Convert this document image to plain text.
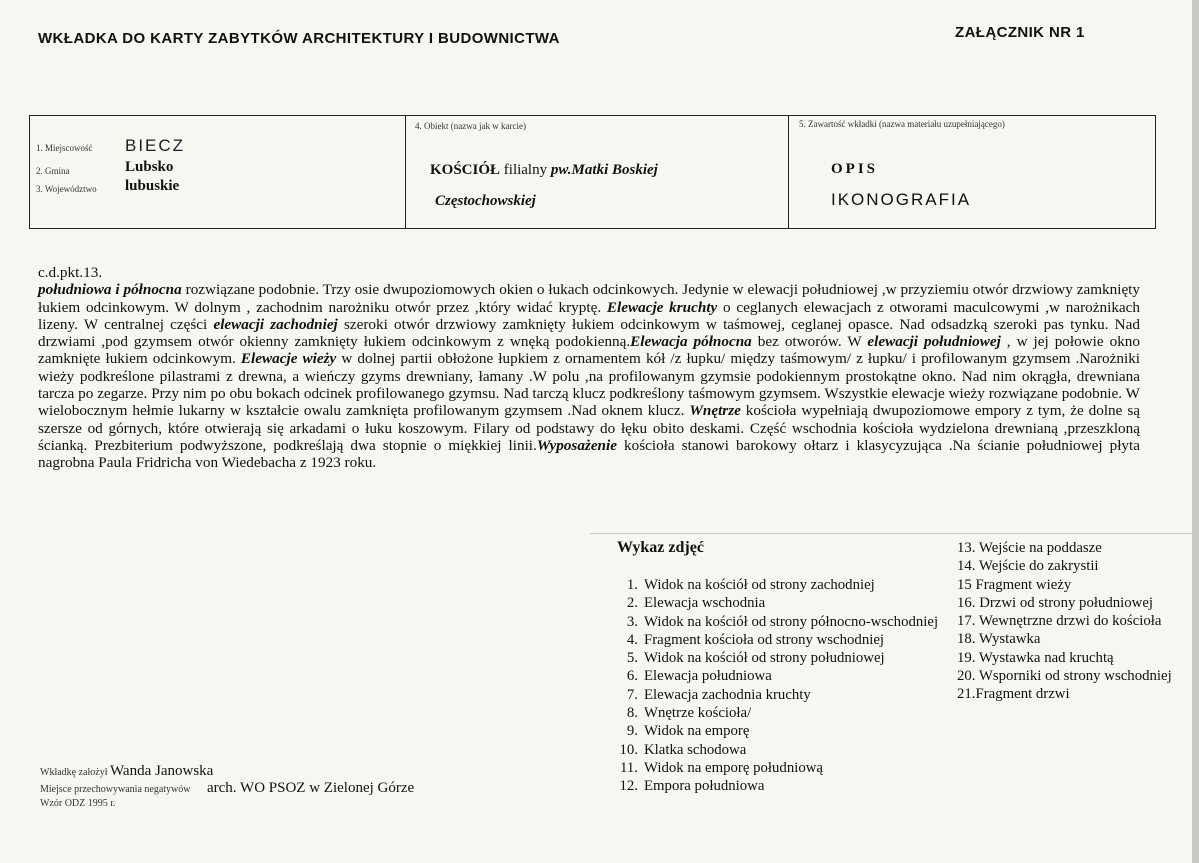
WKŁADKA DO KARTY ZABYTKÓW ARCHITEKTURY I BUDOWNICTWA	ZAŁĄCZNIK NR 1
1. Miejscowość BIECZ
2. Gmina	Lubsko
3. Województwo lubuskie
4. Obiekt (nazwa jak w karcie)
KOŚCIÓŁ filialny pw.Matki Boskiej
Częstochowskiej
5. Zawartość wkładki (nazwa materiału uzupełniającego)
OPIS
IKONOGRAFIA
c.d.pkt.13.
południowa i północna rozwiązane podobnie. Trzy osie dwupoziomowych okien o łukach odcinkowych. Jedynie w elewacji południowej ,w przyziemiu otwór drzwiowy zamknięty łukiem odcinkowym. W dolnym , zachodnim narożniku otwór przez ,który widać kryptę. Elewacje kruchty o ceglanych elewacjach z otworami maculcowymi ,w narożnikach lizeny. W centralnej części elewacji zachodniej szeroki otwór drzwiowy zamknięty łukiem odcinkowym w taśmowej, ceglanej opasce. Nad odsadzką szeroki pas tynku. Nad drzwiami ,pod gzymsem otwór okienny zamknięty łukiem odcinkowym z wnęką podokienną.Elewacja północna bez otworów. W elewacji południowej , w jej połowie okno zamknięte łukiem odcinkowym. Elewacje wieży w dolnej partii obłożone łupkiem z ornamentem kół /z łupku/ między taśmowym/ z łupku/ i profilowanym gzymsem .Narożniki wieży podkreślone pilastrami z drewna, a wieńczy gzyms drewniany, łamany .W polu ,na profilowanym gzymsie podokiennym prostokątne okno. Nad nim okrągła, drewniana tarcza po zegarze. Przy nim po obu bokach odcinek profilowanego gzymsu. Nad tarczą klucz podkreślony taśmowym gzymsem. Wszystkie elewacje wieży rozwiązane podobnie. W wielobocznym hełmie lukarny w kształcie owalu zamknięta profilowanym gzymsem .Nad oknem klucz. Wnętrze kościoła wypełniają dwupoziomowe empory z tym, że dolne są szersze od górnych, które otwierają się arkadami o łuku koszowym. Filary od podstawy do łęku obito deskami. Część wschodnia kościoła wydzielona drewnianą ,przeszkloną ścianką. Prezbiterium podwyższone, podkreślają dwa stopnie o miękkiej linii.Wyposażenie kościoła stanowi barokowy ołtarz i klasycyzująca .Na ścianie południowej płyta nagrobna Paula Fridricha von Wiedebacha z 1923 roku.
Wykaz zdjęć
1. Widok na kościół od strony zachodniej
2. Elewacja wschodnia
3. Widok na kościół od strony północno-wschodniej
4. Fragment kościoła od strony wschodniej
5. Widok na kościół od strony południowej
6. Elewacja południowa
7. Elewacja zachodnia kruchty
8. Wnętrze kościoła/
9. Widok na emporę
10. Klatka schodowa
11. Widok na emporę południową
12. Empora południowa
13. Wejście na poddasze
14. Wejście do zakrystii
15 Fragment wieży
16. Drzwi od strony południowej
17. Wewnętrzne drzwi do kościoła
18. Wystawka
19. Wystawka nad kruchtą
20. Wsporniki od strony wschodniej
21.Fragment drzwi
Wkładkę założył Wanda Janowska
Miejsce przechowywania negatywów arch. WO PSOZ w Zielonej Górze
Wzór ODZ 1995 r.
